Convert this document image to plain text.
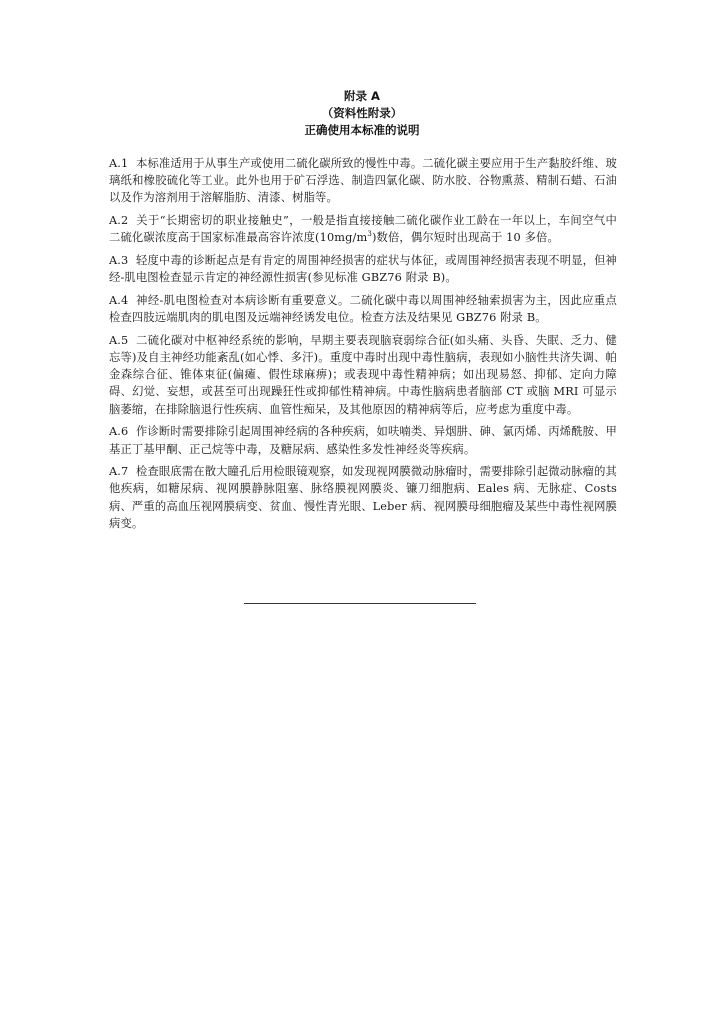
附录 A
（资料性附录）
正确使用本标准的说明

A.1 本标准适用于从事生产或使用二硫化碳所致的慢性中毒。二硫化碳主要应用于生产黏胶纤维、玻璃纸和橡胶硫化等工业。此外也用于矿石浮选、制造四氯化碳、防水胶、谷物熏蒸、精制石蜡、石油以及作为溶剂用于溶解脂肪、清漆、树脂等。

A.2 关于“长期密切的职业接触史”，一般是指直接接触二硫化碳作业工龄在一年以上，车间空气中二硫化碳浓度高于国家标准最高容许浓度$(10mg/m^3)$数倍，偶尔短时出现高于 10 多倍。

A.3 轻度中毒的诊断起点是有肯定的周围神经损害的症状与体征，或周围神经损害表现不明显，但神经-肌电图检查显示肯定的神经源性损害(参见标准 GBZ76 附录 B)。

A.4 神经-肌电图检查对本病诊断有重要意义。二硫化碳中毒以周围神经轴索损害为主，因此应重点检查四肢远端肌肉的肌电图及远端神经诱发电位。检查方法及结果见 GBZ76 附录 B。

A.5 二硫化碳对中枢神经系统的影响，早期主要表现脑衰弱综合征(如头痛、头昏、失眠、乏力、健忘等)及自主神经功能紊乱(如心悸、多汗)。重度中毒时出现中毒性脑病，表现如小脑性共济失调、帕金森综合征、锥体束征(偏瘫、假性球麻痹)；或表现中毒性精神病；如出现易怒、抑郁、定向力障碍、幻觉、妄想，或甚至可出现躁狂性或抑郁性精神病。中毒性脑病患者脑部 CT 或脑 MRI 可显示脑萎缩，在排除脑退行性疾病、血管性痴呆，及其他原因的精神病等后，应考虑为重度中毒。

A.6 作诊断时需要排除引起周围神经病的各种疾病，如呋喃类、异烟肼、砷、氯丙烯、丙烯酰胺、甲基正丁基甲酮、正己烷等中毒，及糖尿病、感染性多发性神经炎等疾病。

A.7 检查眼底需在散大瞳孔后用检眼镜观察，如发现视网膜微动脉瘤时，需要排除引起微动脉瘤的其他疾病，如糖尿病、视网膜静脉阻塞、脉络膜视网膜炎、镰刀细胞病、Eales 病、无脉症、Costs 病、严重的高血压视网膜病变、贫血、慢性青光眼、Leber 病、视网膜母细胞瘤及某些中毒性视网膜病变。
